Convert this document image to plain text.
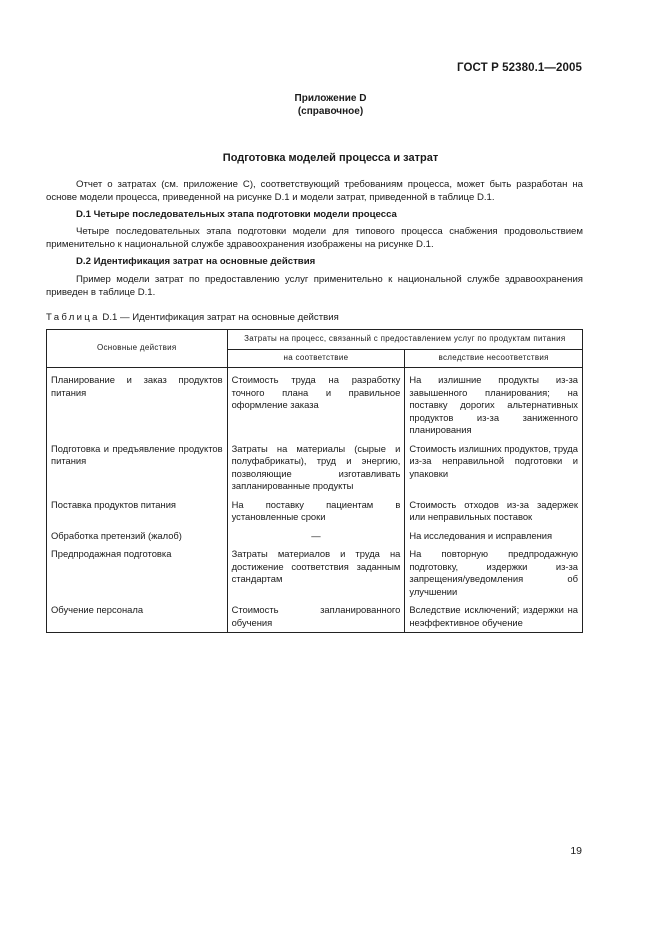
ГОСТ Р 52380.1—2005
Приложение D
(справочное)
Подготовка моделей процесса и затрат
Отчет о затратах (см. приложение С), соответствующий требованиям процесса, может быть разработан на основе модели процесса, приведенной на рисунке D.1 и модели затрат, приведенной в таблице D.1.
D.1 Четыре последовательных этапа подготовки модели процесса
Четыре последовательных этапа подготовки модели для типового процесса снабжения продовольствием применительно к национальной службе здравоохранения изображены на рисунке D.1.
D.2 Идентификация затрат на основные действия
Пример модели затрат по предоставлению услуг применительно к национальной службе здравоохранения приведен в таблице D.1.
Таблица D.1 — Идентификация затрат на основные действия
Основные действия	Затраты на процесс, связанный с предоставлением услуг по продуктам питания	
	на соответствие	вследствие несоответствия
Планирование и заказ продуктов питания	Стоимость труда на разработку точного плана и правильное оформление заказа	На излишние продукты из-за завышенного планирования; на поставку дорогих альтернативных продуктов из-за заниженного планирования
Подготовка и предъявление продуктов питания	Затраты на материалы (сырые и полуфабрикаты), труд и энергию, позволяющие изготавливать запланированные продукты	Стоимость излишних продуктов, труда из-за неправильной подготовки и упаковки
Поставка продуктов питания	На поставку пациентам в установленные сроки	Стоимость отходов из-за задержек или неправильных поставок
Обработка претензий (жалоб)	—	На исследования и исправления
Предпродажная подготовка	Затраты материалов и труда на достижение соответствия заданным стандартам	На повторную предпродажную подготовку, издержки из-за запрещения/уведомления об улучшении
Обучение персонала	Стоимость запланированного обучения	Вследствие исключений; издержки на неэффективное обучение
19
